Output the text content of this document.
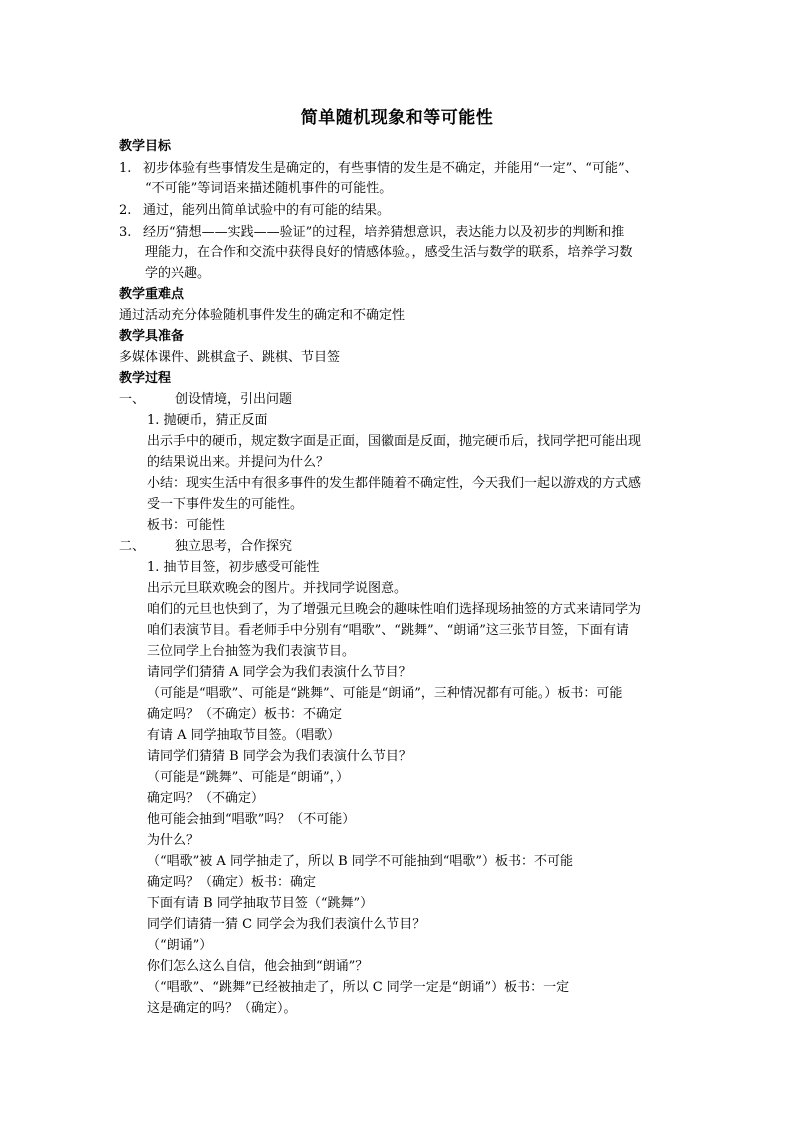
简单随机现象和等可能性
教学目标
1. 初步体验有些事情发生是确定的，有些事情的发生是不确定，并能用“一定”、“可能”、
“不可能”等词语来描述随机事件的可能性。
2. 通过，能列出简单试验中的有可能的结果。
3. 经历“猜想——实践——验证”的过程，培养猜想意识，表达能力以及初步的判断和推
理能力，在合作和交流中获得良好的情感体验。，感受生活与数学的联系，培养学习数
学的兴趣。
教学重难点
通过活动充分体验随机事件发生的确定和不确定性
教学具准备
多媒体课件、跳棋盒子、跳棋、节目签
教学过程
一、 创设情境，引出问题
1. 抛硬币，猜正反面
出示手中的硬币，规定数字面是正面，国徽面是反面，抛完硬币后，找同学把可能出现
的结果说出来。并提问为什么？
小结：现实生活中有很多事件的发生都伴随着不确定性，今天我们一起以游戏的方式感
受一下事件发生的可能性。
板书：可能性
二、 独立思考，合作探究
1. 抽节目签，初步感受可能性
出示元旦联欢晚会的图片。并找同学说图意。
咱们的元旦也快到了，为了增强元旦晚会的趣味性咱们选择现场抽签的方式来请同学为
咱们表演节目。看老师手中分别有“唱歌”、“跳舞”、“朗诵”这三张节目签，下面有请
三位同学上台抽签为我们表演节目。
请同学们猜猜 A 同学会为我们表演什么节目？
（可能是“唱歌”、可能是“跳舞”、可能是“朗诵”，三种情况都有可能。）板书：可能
确定吗？（不确定）板书：不确定
有请 A 同学抽取节目签。（唱歌）
请同学们猜猜 B 同学会为我们表演什么节目？
（可能是“跳舞”、可能是“朗诵”，）
确定吗？（不确定）
他可能会抽到“唱歌”吗？（不可能）
为什么？
（“唱歌”被 A 同学抽走了，所以 B 同学不可能抽到“唱歌”）板书：不可能
确定吗？（确定）板书：确定
下面有请 B 同学抽取节目签（“跳舞”）
同学们请猜一猜 C 同学会为我们表演什么节目？
（“朗诵”）
你们怎么这么自信，他会抽到“朗诵”？
（“唱歌”、“跳舞”已经被抽走了，所以 C 同学一定是“朗诵”）板书：一定
这是确定的吗？（确定）。
